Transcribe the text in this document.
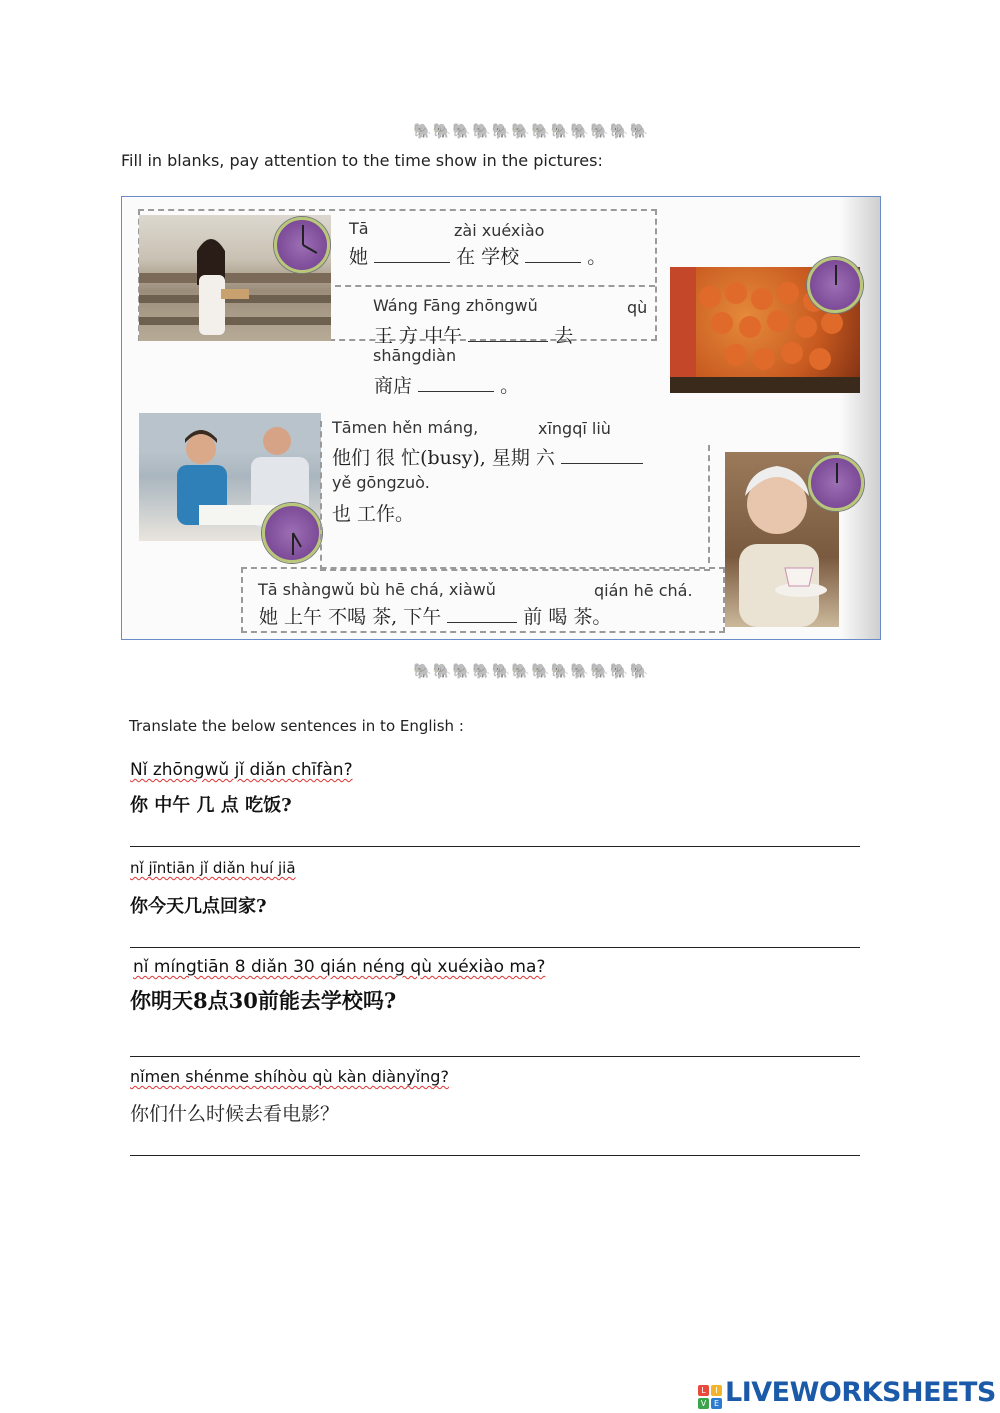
🐘🐘🐘🐘🐘🐘🐘🐘🐘🐘🐘🐘
Fill in blanks, pay attention to the time show in the pictures:
Tā	zài xuéxiào
她	在 学校	。
Wáng Fāng zhōngwǔ	qù
王 方 中午	去
shāngdiàn
商店	。
Tāmen hěn máng,	xīngqī liù
他们 很 忙(busy), 星期 六
yě gōngzuò.
也 工作。
Tā shàngwǔ bù hē chá, xiàwǔ	qián hē chá.
她 上午 不喝 茶, 下午	前 喝 茶。
🐘🐘🐘🐘🐘🐘🐘🐘🐘🐘🐘🐘
Translate the below sentences in to English :
Nǐ zhōngwǔ jǐ diǎn chīfàn?
你 中午 几 点 吃饭?
nǐ jīntiān jǐ diǎn huí jiā
你今天几点回家?
nǐ míngtiān 8 diǎn 30 qián néng qù xuéxiào ma?
你明天8点30前能去学校吗?
nǐmen shénme shíhòu qù kàn diànyǐng?
你们什么时候去看电影？
L	I
V E LIVEWORKSHEETS
